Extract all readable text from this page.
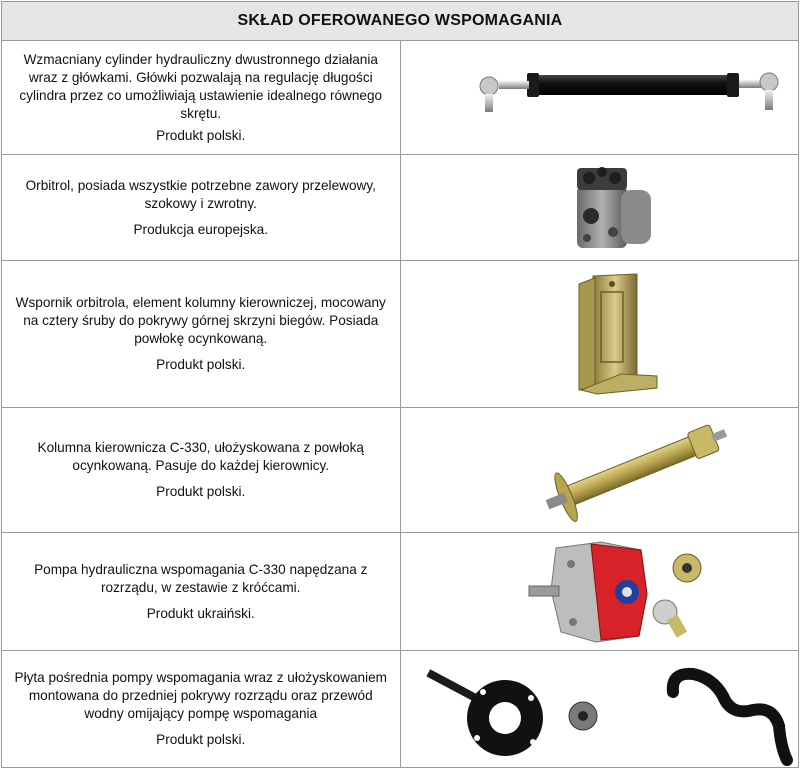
SKŁAD OFEROWANEGO WSPOMAGANIA	

Wzmacniany cylinder hydrauliczny dwustronnego działania wraz z główkami. Główki pozwalają na regulację długości cylindra przez co umożliwiają ustawienie idealnego równego skrętu.

Produkt polski.

Orbitrol, posiada wszystkie potrzebne zawory przelewowy, szokowy i zwrotny.

Produkcja europejska.

Wspornik orbitrola, element kolumny kierowniczej, mocowany na cztery śruby do pokrywy górnej skrzyni biegów. Posiada powłokę ocynkowaną.

Produkt polski.

Kolumna kierownicza C-330, ułożyskowana z powłoką ocynkowaną. Pasuje do każdej kierownicy.

Produkt polski.

Pompa hydrauliczna wspomagania C-330 napędzana z rozrządu, w zestawie z króćcami.

Produkt ukraiński.

Płyta pośrednia pompy wspomagania wraz z ułożyskowaniem montowana do przedniej pokrywy rozrządu oraz przewód wodny omijający pompę wspomagania

Produkt polski.
